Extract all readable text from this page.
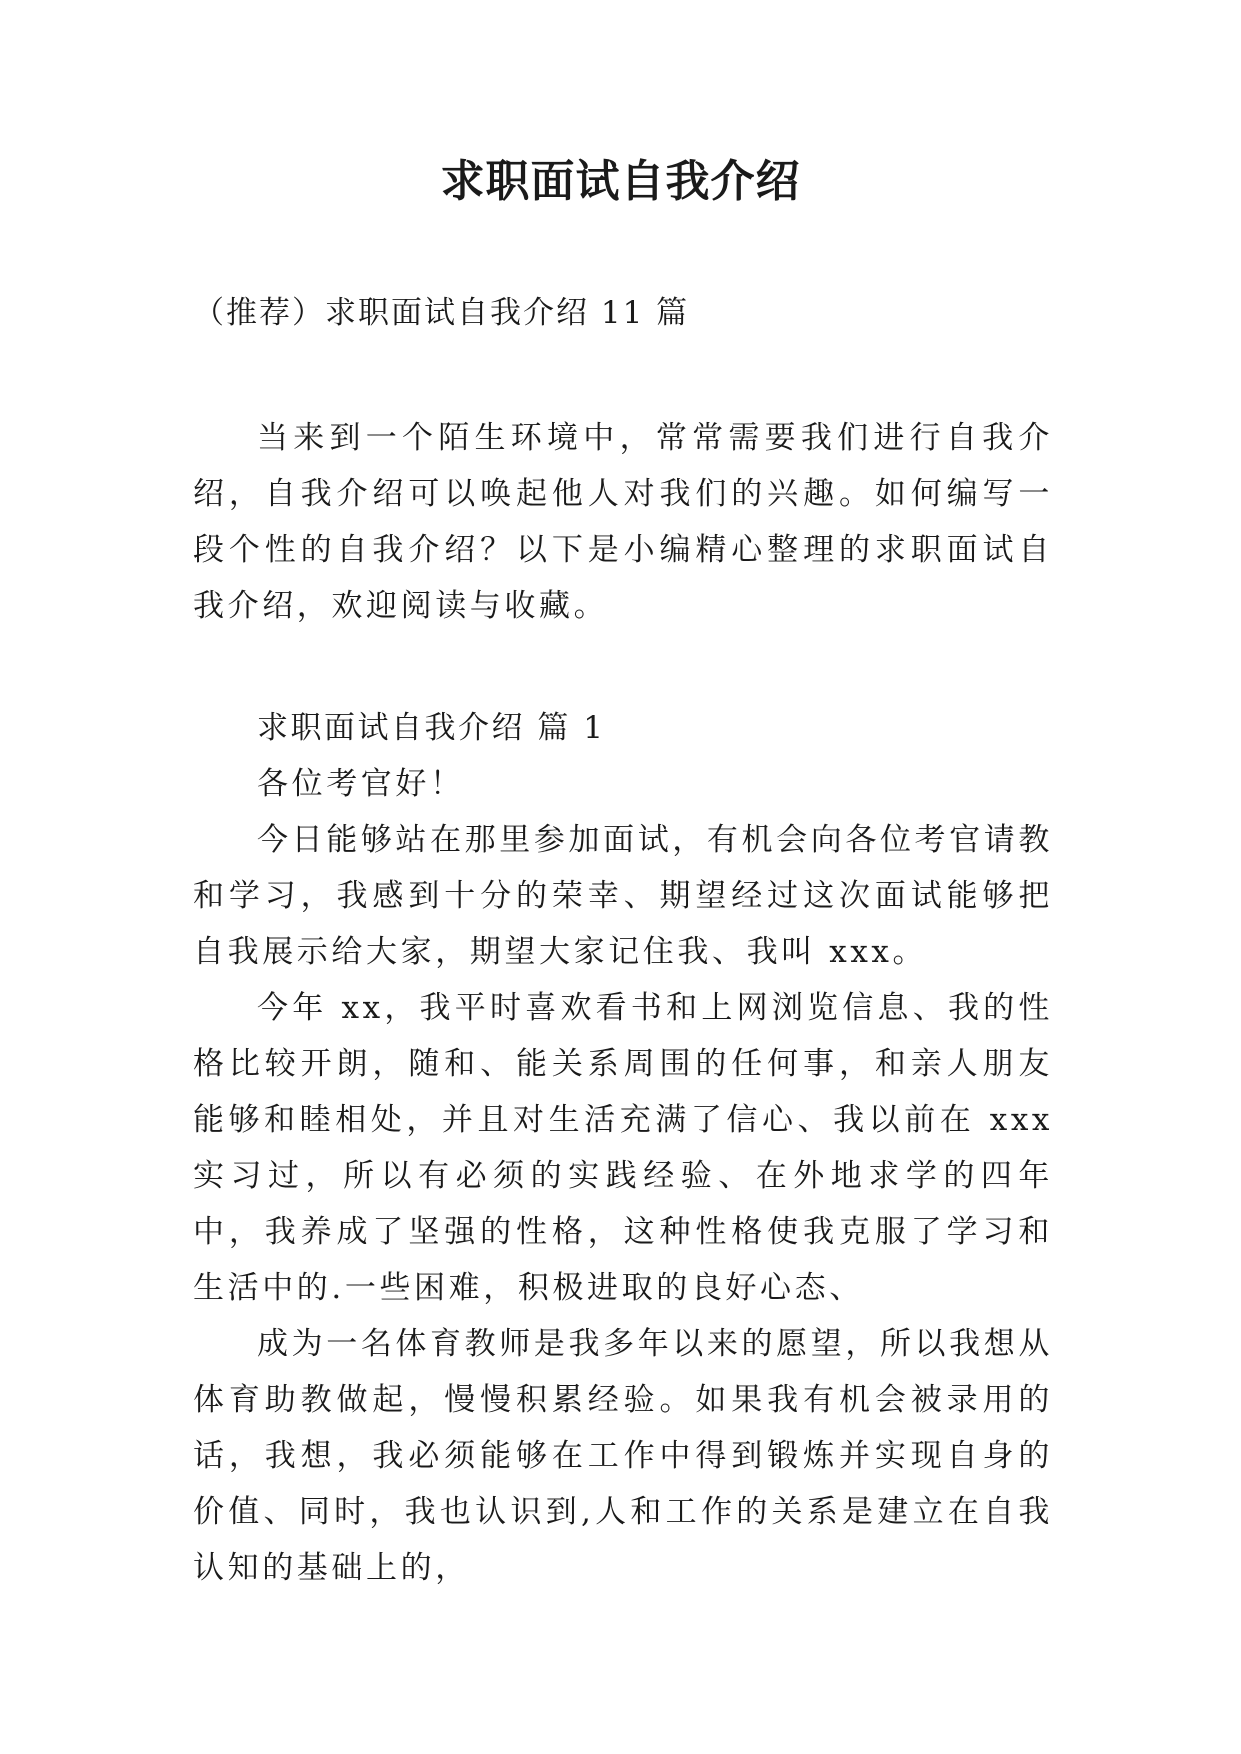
求职面试自我介绍

（推荐）求职面试自我介绍 11 篇

当来到一个陌生环境中，常常需要我们进行自我介绍，自我介绍可以唤起他人对我们的兴趣。如何编写一段个性的自我介绍？以下是小编精心整理的求职面试自我介绍，欢迎阅读与收藏。

求职面试自我介绍 篇 1

各位考官好！

今日能够站在那里参加面试，有机会向各位考官请教和学习，我感到十分的荣幸、期望经过这次面试能够把自我展示给大家，期望大家记住我、我叫 xxx。

今年 xx，我平时喜欢看书和上网浏览信息、我的性格比较开朗，随和、能关系周围的任何事，和亲人朋友能够和睦相处，并且对生活充满了信心、我以前在 xxx 实习过，所以有必须的实践经验、在外地求学的四年中，我养成了坚强的性格，这种性格使我克服了学习和生活中的.一些困难，积极进取的良好心态、

成为一名体育教师是我多年以来的愿望，所以我想从体育助教做起，慢慢积累经验。如果我有机会被录用的话，我想，我必须能够在工作中得到锻炼并实现自身的价值、同时，我也认识到,人和工作的关系是建立在自我认知的基础上的，
